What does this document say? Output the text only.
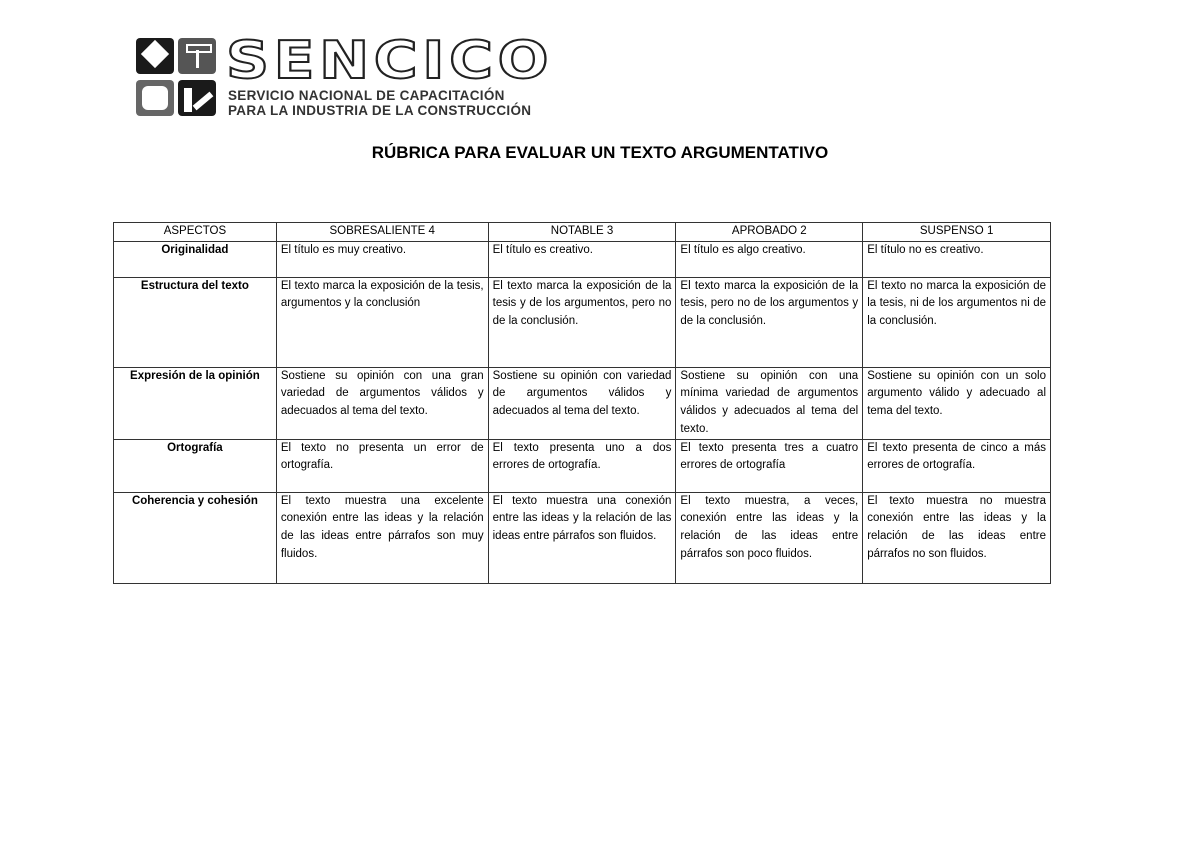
SENCICO
SERVICIO NACIONAL DE CAPACITACIÓN
PARA LA INDUSTRIA DE LA CONSTRUCCIÓN
RÚBRICA PARA EVALUAR UN TEXTO ARGUMENTATIVO
ASPECTOS	SOBRESALIENTE 4	NOTABLE 3	APROBADO 2	SUSPENSO 1
Originalidad	El título es muy creativo.	El título es creativo.	El título es algo creativo.	El título no es creativo.
Estructura del texto	El texto marca la exposición de la tesis, argumentos y la conclusión	El texto marca la exposición de la tesis y de los argumentos, pero no de la conclusión.	El texto marca la exposición de la tesis, pero no de los argumentos y de la conclusión.	El texto no marca la exposición de la tesis, ni de los argumentos ni de la conclusión.
Expresión de la opinión	Sostiene su opinión con una gran variedad de argumentos válidos y adecuados al tema del texto.	Sostiene su opinión con variedad de argumentos válidos y adecuados al tema del texto.	Sostiene su opinión con una mínima variedad de argumentos válidos y adecuados al tema del texto.	Sostiene su opinión con un solo argumento válido y adecuado al tema del texto.
Ortografía	El texto no presenta un error de ortografía.	El texto presenta uno a dos errores de ortografía.	El texto presenta tres a cuatro errores de ortografía	El texto presenta de cinco a más errores de ortografía.
Coherencia y cohesión	El texto muestra una excelente conexión entre las ideas y la relación de las ideas entre párrafos son muy fluidos.	El texto muestra una conexión entre las ideas y la relación de las ideas entre párrafos son fluidos.	El texto muestra, a veces, conexión entre las ideas y la relación de las ideas entre párrafos son poco fluidos.	El texto muestra no muestra conexión entre las ideas y la relación de las ideas entre párrafos no son fluidos.
